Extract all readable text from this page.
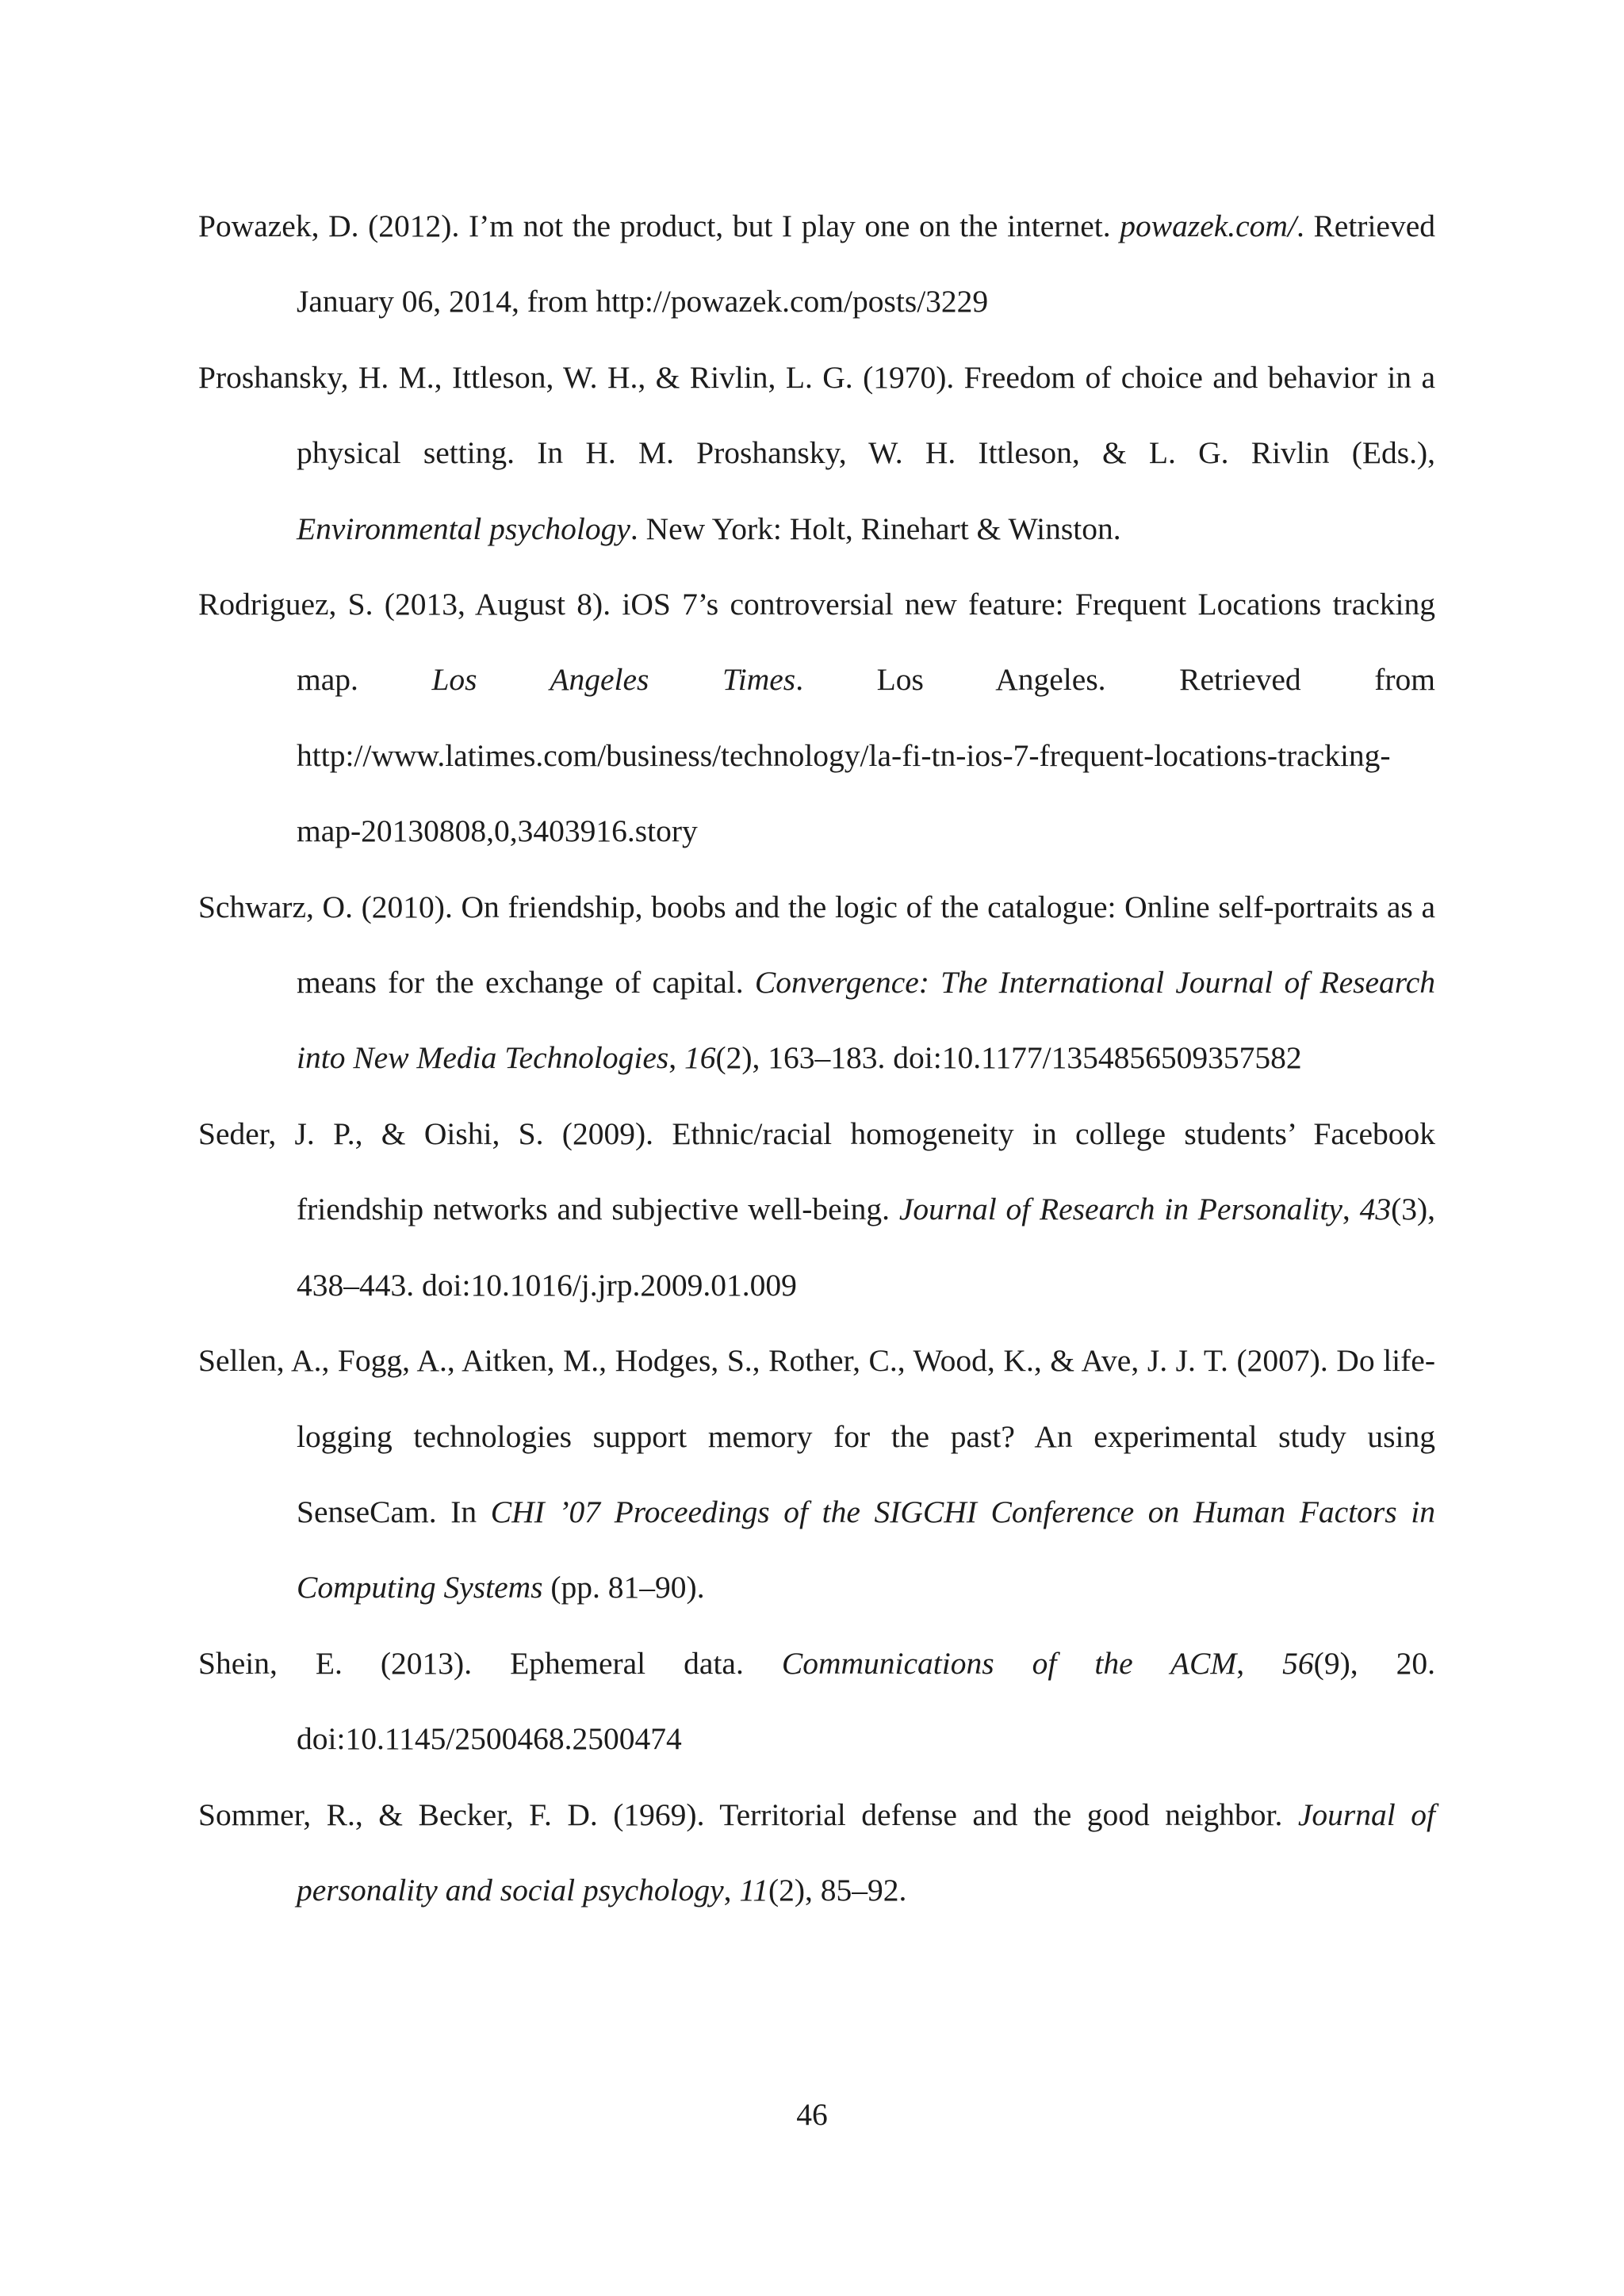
Powazek, D. (2012). I’m not the product, but I play one on the internet. powazek.com/. Retrieved January 06, 2014, from http://powazek.com/posts/3229

Proshansky, H. M., Ittleson, W. H., & Rivlin, L. G. (1970). Freedom of choice and behavior in a physical setting. In H. M. Proshansky, W. H. Ittleson, & L. G. Rivlin (Eds.), Environmental psychology. New York: Holt, Rinehart & Winston.

Rodriguez, S. (2013, August 8). iOS 7’s controversial new feature: Frequent Locations tracking map. Los Angeles Times. Los Angeles. Retrieved from http://www.latimes.com/business/technology/la-fi-tn-ios-7-frequent-locations-tracking-map-20130808,0,3403916.story

Schwarz, O. (2010). On friendship, boobs and the logic of the catalogue: Online self-portraits as a means for the exchange of capital. Convergence: The International Journal of Research into New Media Technologies, 16(2), 163–183. doi:10.1177/1354856509357582

Seder, J. P., & Oishi, S. (2009). Ethnic/racial homogeneity in college students’ Facebook friendship networks and subjective well-being. Journal of Research in Personality, 43(3), 438–443. doi:10.1016/j.jrp.2009.01.009

Sellen, A., Fogg, A., Aitken, M., Hodges, S., Rother, C., Wood, K., & Ave, J. J. T. (2007). Do life-logging technologies support memory for the past? An experimental study using SenseCam. In CHI ’07 Proceedings of the SIGCHI Conference on Human Factors in Computing Systems (pp. 81–90).

Shein, E. (2013). Ephemeral data. Communications of the ACM, 56(9), 20. doi:10.1145/2500468.2500474

Sommer, R., & Becker, F. D. (1969). Territorial defense and the good neighbor. Journal of personality and social psychology, 11(2), 85–92.

46
